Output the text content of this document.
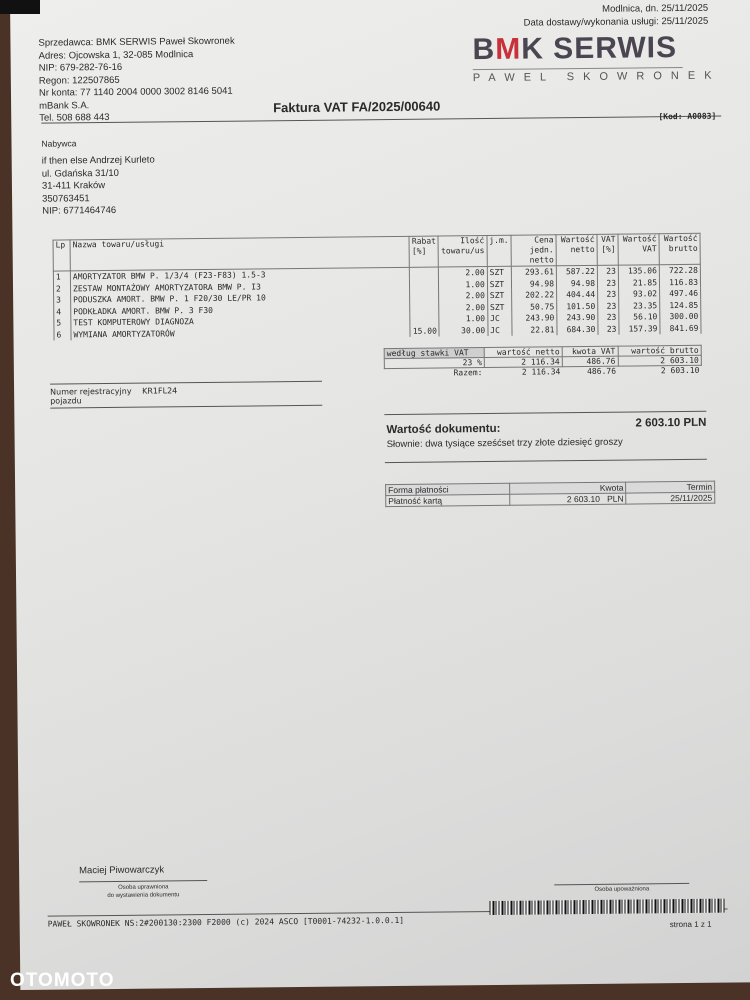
Sprzedawca: BMK SERWIS Paweł Skowronek
Adres: Ojcowska 1, 32-085 Modlnica
NIP: 679-282-76-16
Regon: 122507865
Nr konta: 77 1140 2004 0000 3002 8146 5041
mBank S.A.
Tel. 508 688 443
Modlnica, dn. 25/11/2025
Data dostawy/wykonania usługi: 25/11/2025
BMK SERWIS
PAWEL SKOWRONEK
Faktura VAT FA/2025/00640
[Kod: A0083]
Nabywca
if then else Andrzej Kurleto
ul. Gdańska 31/10
31-411 Kraków
350763451
NIP: 6771464746
Lp	Nazwa towaru/usługi	Rabat [%]	Ilość towaru/us	j.m.	Cena jedn. netto	Wartość netto	VAT [%]	Wartość VAT	Wartość brutto
1	AMORTYZATOR BMW P. 1/3/4 (F23-F83) 1.5-3		2.00	SZT	293.61	587.22	23	135.06	722.28
2	ZESTAW MONTAŻOWY AMORTYZATORA BMW P. I3		1.00	SZT	94.98	94.98	23	21.85	116.83
3	PODUSZKA AMORT. BMW P. 1 F20/30 LE/PR 10		2.00	SZT	202.22	404.44	23	93.02	497.46
4	PODKŁADKA AMORT. BMW P. 3 F30		2.00	SZT	50.75	101.50	23	23.35	124.85
5	TEST KOMPUTEROWY DIAGNOZA		1.00	JC	243.90	243.90	23	56.10	300.00
6	WYMIANA AMORTYZATORÓW	15.00	30.00	JC	22.81	684.30	23	157.39	841.69
według stawki VAT	wartość netto	kwota VAT	wartość brutto
23 %	2 116.34	486.76	2 603.10
Razem:	2 116.34	486.76	2 603.10
Numer rejestracyjny KR1FL24
pojazdu
Wartość dokumentu:	2 603.10 PLN
Słownie: dwa tysiące sześćset trzy złote dziesięć groszy
Forma płatności	Kwota	Termin
Płatność kartą	2 603.10 PLN	25/11/2025
Maciej Piwowarczyk
Osoba uprawniona
do wystawienia dokumentu
Osoba upoważniona
PAWEŁ SKOWRONEK NS:2#200130:2300 F2000 (c) 2024 ASCO [T0001-74232-1.0.0.1]	strona 1 z 1
OTOMOTO
